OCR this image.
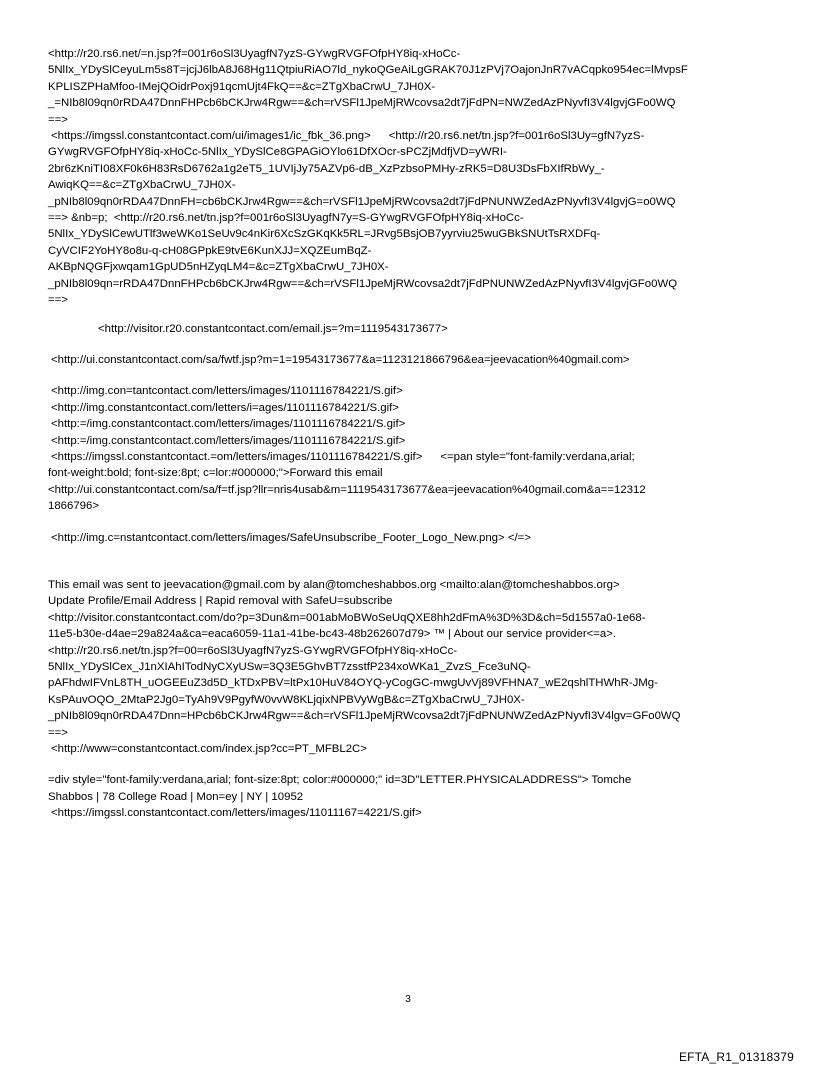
<http://r20.rs6.net/=n.jsp?f=001r6oSl3UyagfN7yzS-GYwgRVGFOfpHY8iq-xHoCc-
5NlIx_YDySlCeyuLm5s8T=jcjJ6lbA8J68Hg11QtpiuRiAO7ld_nykoQGeAiLgGRAK70J1zPVj7OajonJnR7vACqpko954ec=lMvpsF
KPLISZPHaMfoo-IMejQOidrPoxj91qcmUjt4FkQ==&c=ZTgXbaCrwU_7JH0X-
_=NIb8l09qn0rRDA47DnnFHPcb6bCKJrw4Rgw==&ch=rVSFl1JpeMjRWcovsa2dt7jFdPN=NWZedAzPNyvfI3V4lgvjGFo0WQ
==>
<https://imgssl.constantcontact.com/ui/images1/ic_fbk_36.png> <http://r20.rs6.net/tn.jsp?f=001r6oSl3Uy=gfN7yzS-
GYwgRVGFOfpHY8iq-xHoCc-5NlIx_YDySlCe8GPAGiOYlo61DfXOcr-sPCZjMdfjVD=yWRI-
2br6zKniTI08XF0k6H83RsD6762a1g2eT5_1UVIjJy75AZVp6-dB_XzPzbsoPMHy-zRK5=D8U3DsFbXIfRbWy_-
AwiqKQ==&c=ZTgXbaCrwU_7JH0X-
_pNIb8l09qn0rRDA47DnnFH=cb6bCKJrw4Rgw==&ch=rVSFl1JpeMjRWcovsa2dt7jFdPNUNWZedAzPNyvfI3V4lgvjG=o0WQ
==> &nb=p; <http://r20.rs6.net/tn.jsp?f=001r6oSl3UyagfN7y=S-GYwgRVGFOfpHY8iq-xHoCc-
5NlIx_YDySlCewUTlf3weWKo1SeUv9c4nKir6XcSzGKqKk5RL=JRvg5BsjOB7yyrviu25wuGBkSNUtTsRXDFq-
CyVCIF2YoHY8o8u-q-cH08GPpkE9tvE6KunXJJ=XQZEumBqZ-
AKBpNQGFjxwqam1GpUD5nHZyqLM4=&c=ZTgXbaCrwU_7JH0X-
_pNIb8l09qn=rRDA47DnnFHPcb6bCKJrw4Rgw==&ch=rVSFl1JpeMjRWcovsa2dt7jFdPNUNWZedAzPNyvfI3V4lgvjGFo0WQ
==>
<http://visitor.r20.constantcontact.com/email.js=?m=1119543173677>
<http://ui.constantcontact.com/sa/fwtf.jsp?m=1=19543173677&a=1123121866796&ea=jeevacation%40gmail.com>
<http://img.con=tantcontact.com/letters/images/1101116784221/S.gif>
<http://img.constantcontact.com/letters/i=ages/1101116784221/S.gif>
<http:=/img.constantcontact.com/letters/images/1101116784221/S.gif>
<http:=/img.constantcontact.com/letters/images/1101116784221/S.gif>
<https://imgssl.constantcontact.=om/letters/images/1101116784221/S.gif> <=pan style="font-family:verdana,arial;
font-weight:bold; font-size:8pt; c=lor:#000000;">Forward this email
<http://ui.constantcontact.com/sa/f=tf.jsp?llr=nris4usab&m=1119543173677&ea=jeevacation%40gmail.com&a==12312
1866796>
<http://img.c=nstantcontact.com/letters/images/SafeUnsubscribe_Footer_Logo_New.png> </=>
This email was sent to jeevacation@gmail.com by alan@tomcheshabbos.org <mailto:alan@tomcheshabbos.org>
Update Profile/Email Address | Rapid removal with SafeU=subscribe
<http://visitor.constantcontact.com/do?p=3Dun&m=001abMoBWoSeUqQXE8hh2dFmA%3D%3D&ch=5d1557a0-1e68-
11e5-b30e-d4ae=29a824a&ca=eaca6059-11a1-41be-bc43-48b262607d79> ™ | About our service provider<=a>.
<http://r20.rs6.net/tn.jsp?f=00=r6oSl3UyagfN7yzS-GYwgRVGFOfpHY8iq-xHoCc-
5NlIx_YDySlCex_J1nXIAhITodNyCXyUSw=3Q3E5GhvBT7zsstfP234xoWKa1_ZvzS_Fce3uNQ-
pAFhdwIFVnL8TH_uOGEEuZ3d5D_kTDxPBV=ltPx10HuV84OYQ-yCogGC-mwgUvVj89VFHNA7_wE2qshlTHWhR-JMg-
KsPAuvOQO_2MtaP2Jg0=TyAh9V9PgyfW0vvW8KLjqixNPBVyWgB&c=ZTgXbaCrwU_7JH0X-
_pNIb8l09qn0rRDA47Dnn=HPcb6bCKJrw4Rgw==&ch=rVSFl1JpeMjRWcovsa2dt7jFdPNUNWZedAzPNyvfI3V4lgv=GFo0WQ
==>
<http://www=constantcontact.com/index.jsp?cc=PT_MFBL2C>
=div style="font-family:verdana,arial; font-size:8pt; color:#000000;" id=3D"LETTER.PHYSICALADDRESS"> Tomche
Shabbos | 78 College Road | Mon=ey | NY | 10952
<https://imgssl.constantcontact.com/letters/images/11011167=4221/S.gif>
3
EFTA_R1_01318379
